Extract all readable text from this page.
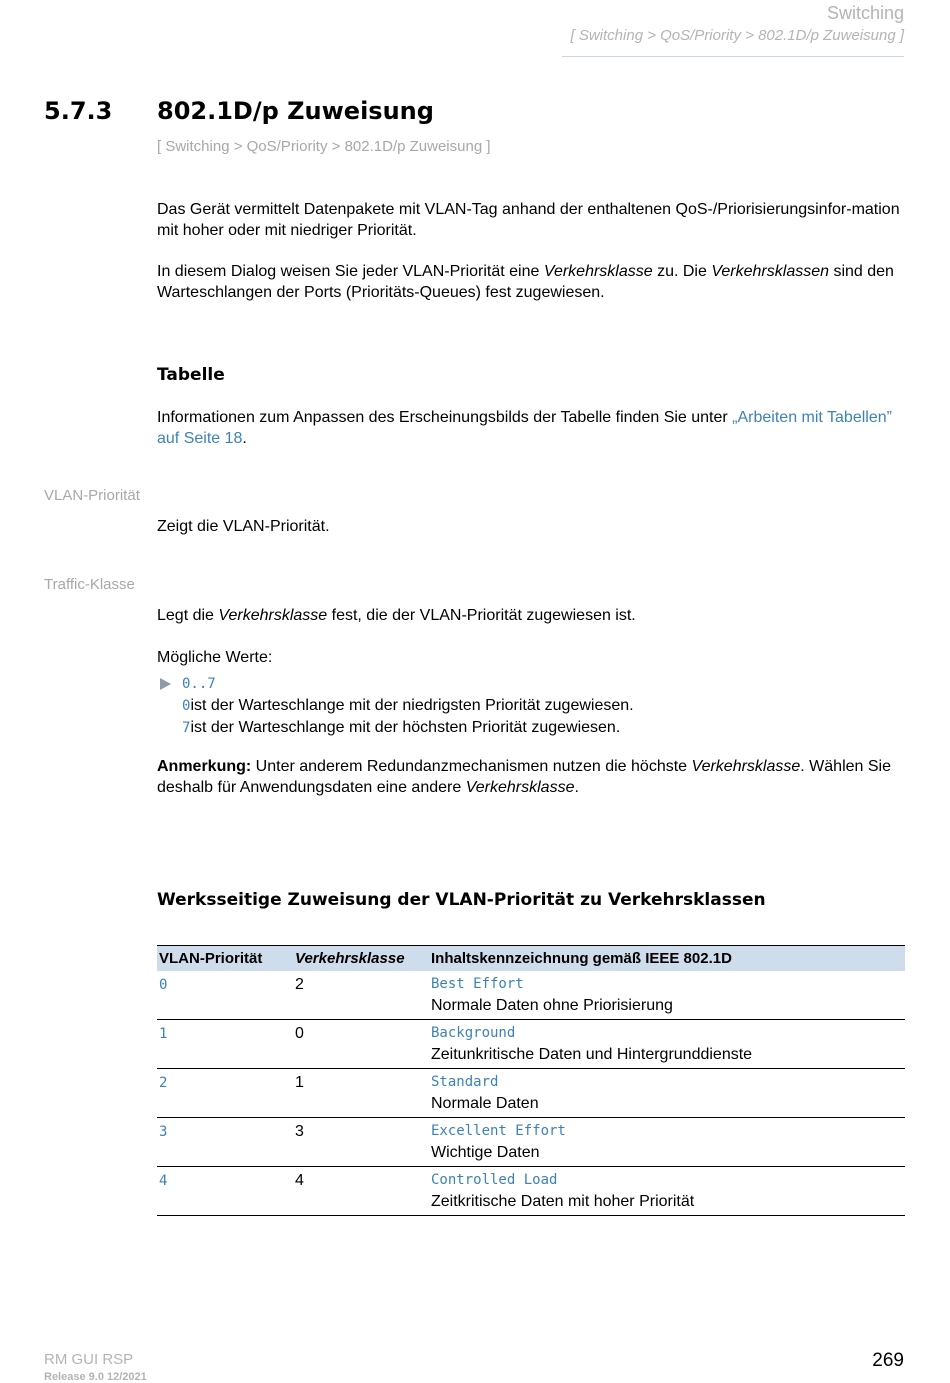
Switching
[ Switching > QoS/Priority > 802.1D/p Zuweisung ]
5.7.3 802.1D/p Zuweisung
[ Switching > QoS/Priority > 802.1D/p Zuweisung ]
Das Gerät vermittelt Datenpakete mit VLAN-Tag anhand der enthaltenen QoS-/Priorisierungsinfor-mation mit hoher oder mit niedriger Priorität.
In diesem Dialog weisen Sie jeder VLAN-Priorität eine Verkehrsklasse zu. Die Verkehrsklassen sind den Warteschlangen der Ports (Prioritäts-Queues) fest zugewiesen.
Tabelle
Informationen zum Anpassen des Erscheinungsbilds der Tabelle finden Sie unter „Arbeiten mit Tabellen” auf Seite 18.
VLAN-Priorität
Zeigt die VLAN-Priorität.
Traffic-Klasse
Legt die Verkehrsklasse fest, die der VLAN-Priorität zugewiesen ist.
Mögliche Werte:
0..7
0ist der Warteschlange mit der niedrigsten Priorität zugewiesen.
7ist der Warteschlange mit der höchsten Priorität zugewiesen.
Anmerkung: Unter anderem Redundanzmechanismen nutzen die höchste Verkehrsklasse. Wählen Sie deshalb für Anwendungsdaten eine andere Verkehrsklasse.
Werksseitige Zuweisung der VLAN-Priorität zu Verkehrsklassen
VLAN-Priorität	Verkehrsklasse	Inhaltskennzeichnung gemäß IEEE 802.1D
0	2	Best Effort
Normale Daten ohne Priorisierung

1	0	Background
Zeitunkritische Daten und Hintergrunddienste

2	1	Standard
Normale Daten

3	3	Excellent Effort
Wichtige Daten

4	4	Controlled Load
Zeitkritische Daten mit hoher Priorität
RM GUI RSP
Release 9.0 12/2021
269
